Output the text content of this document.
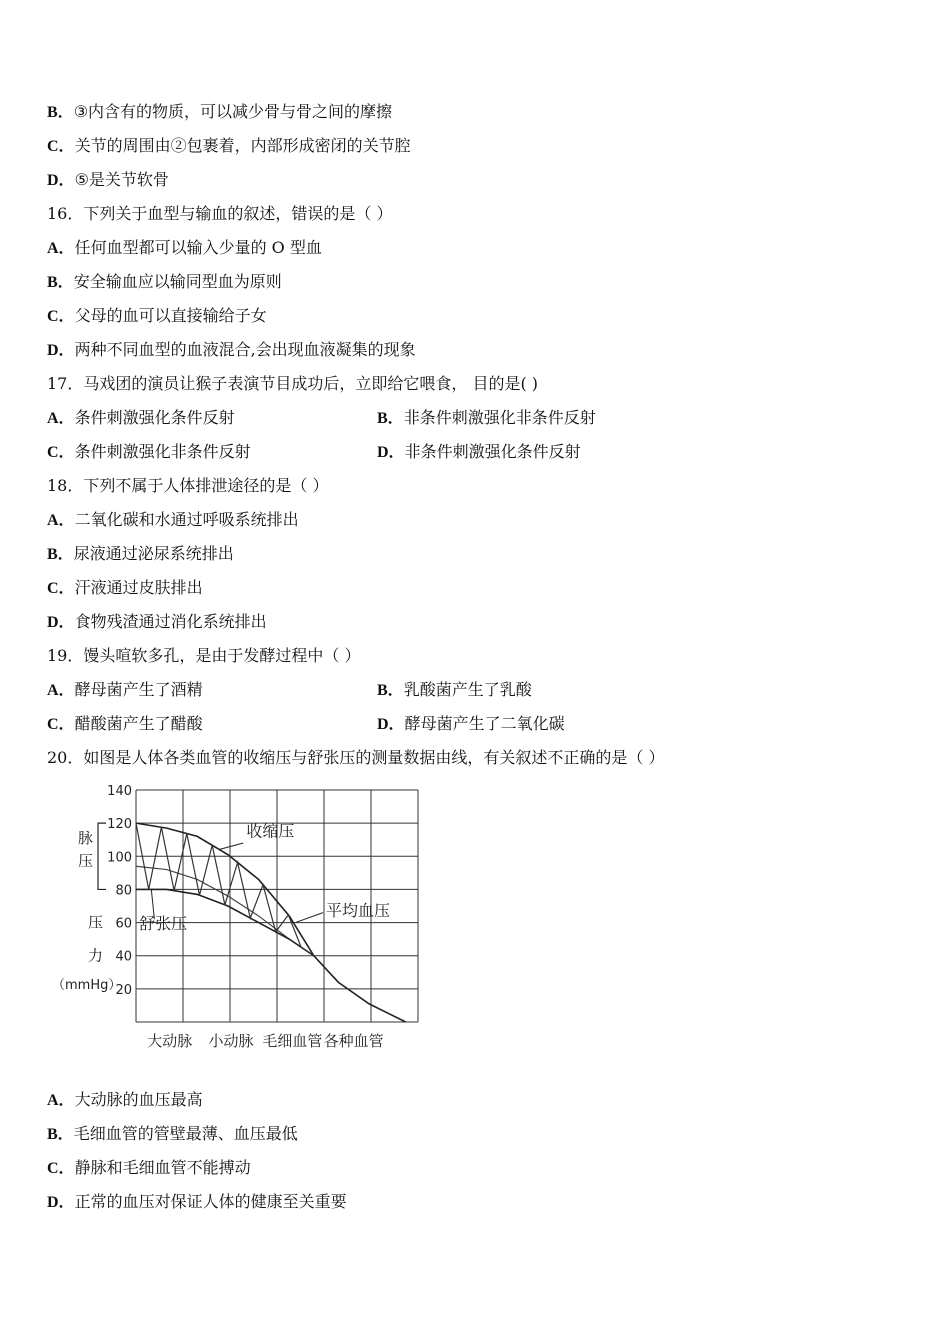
B．③内含有的物质，可以减少骨与骨之间的摩擦
C．关节的周围由②包裹着，内部形成密闭的关节腔
D．⑤是关节软骨
16．下列关于血型与输血的叙述，错误的是（ ）
A．任何血型都可以输入少量的 O 型血
B．安全输血应以输同型血为原则
C．父母的血可以直接输给子女
D．两种不同血型的血液混合,会出现血液凝集的现象
17．马戏团的演员让猴子表演节目成功后，立即给它喂食， 目的是( )
A．条件刺激强化条件反射	B．非条件刺激强化非条件反射
C．条件刺激强化非条件反射	D．非条件刺激强化条件反射
18．下列不属于人体排泄途径的是（ ）
A．二氧化碳和水通过呼吸系统排出
B．尿液通过泌尿系统排出
C．汗液通过皮肤排出
D．食物残渣通过消化系统排出
19．馒头喧软多孔，是由于发酵过程中（ ）
A．酵母菌产生了酒精	B．乳酸菌产生了乳酸
C．醋酸菌产生了醋酸	D．酵母菌产生了二氧化碳
20．如图是人体各类血管的收缩压与舒张压的测量数据由线，有关叙述不正确的是（ ）
20
40
60
80
100
120
140
脉
压
压
力
（mmHg）
大动脉 小动脉 毛细血管 各种血管
收缩压
平均血压
舒张压
A．大动脉的血压最高
B．毛细血管的管壁最薄、血压最低
C．静脉和毛细血管不能搏动
D．正常的血压对保证人体的健康至关重要
